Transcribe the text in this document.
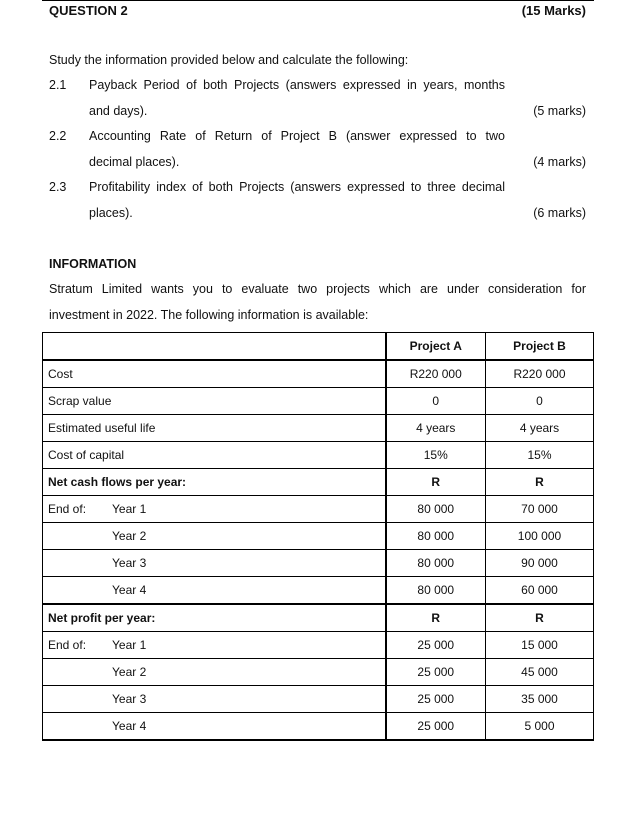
QUESTION 2	(15 Marks)
Study the information provided below and calculate the following:
2.1 Payback Period of both Projects (answers expressed in years, months
and days).	(5 marks)
2.2 Accounting Rate of Return of Project B (answer expressed to two
decimal places).	(4 marks)
2.3 Profitability index of both Projects (answers expressed to three decimal
places).	(6 marks)
INFORMATION
Stratum Limited wants you to evaluate two projects which are under consideration for
investment in 2022. The following information is available:
	Project A	Project B
Cost	R220 000	R220 000
Scrap value	0	0
Estimated useful life	4 years	4 years
Cost of capital	15%	15%
Net cash flows per year:	R	R
End of: Year 1	80 000	70 000
Year 2	80 000	100 000
Year 3	80 000	90 000
Year 4	80 000	60 000
Net profit per year:	R	R
End of: Year 1	25 000	15 000
Year 2	25 000	45 000
Year 3	25 000	35 000
Year 4	25 000	5 000
